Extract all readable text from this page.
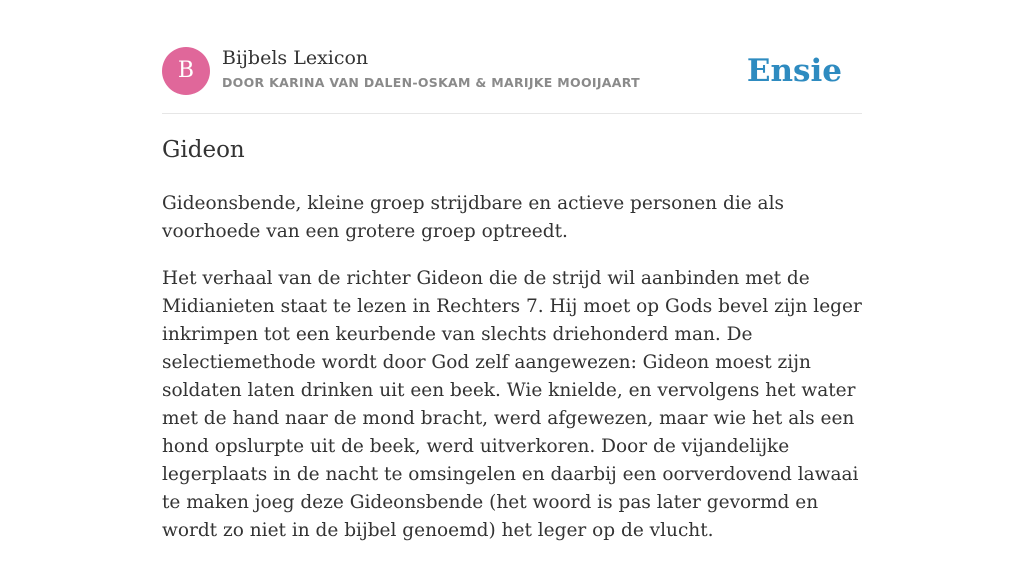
B	Bijbels Lexicon
DOOR KARINA VAN DALEN-OSKAM & MARIJKE MOOIJAART	Ensie
Gideon

Gideonsbende, kleine groep strijdbare en actieve personen die als voorhoede van een grotere groep optreedt.

Het verhaal van de richter Gideon die de strijd wil aanbinden met de Midianieten staat te lezen in Rechters 7. Hij moet op Gods bevel zijn leger inkrimpen tot een keurbende van slechts driehonderd man. De selectiemethode wordt door God zelf aangewezen: Gideon moest zijn soldaten laten drinken uit een beek. Wie knielde, en vervolgens het water met de hand naar de mond bracht, werd afgewezen, maar wie het als een hond opslurpte uit de beek, werd uitverkoren. Door de vijandelijke legerplaats in de nacht te omsingelen en daarbij een oorverdovend lawaai te maken joeg deze Gideonsbende (het woord is pas later gevormd en wordt zo niet in de bijbel genoemd) het leger op de vlucht.
